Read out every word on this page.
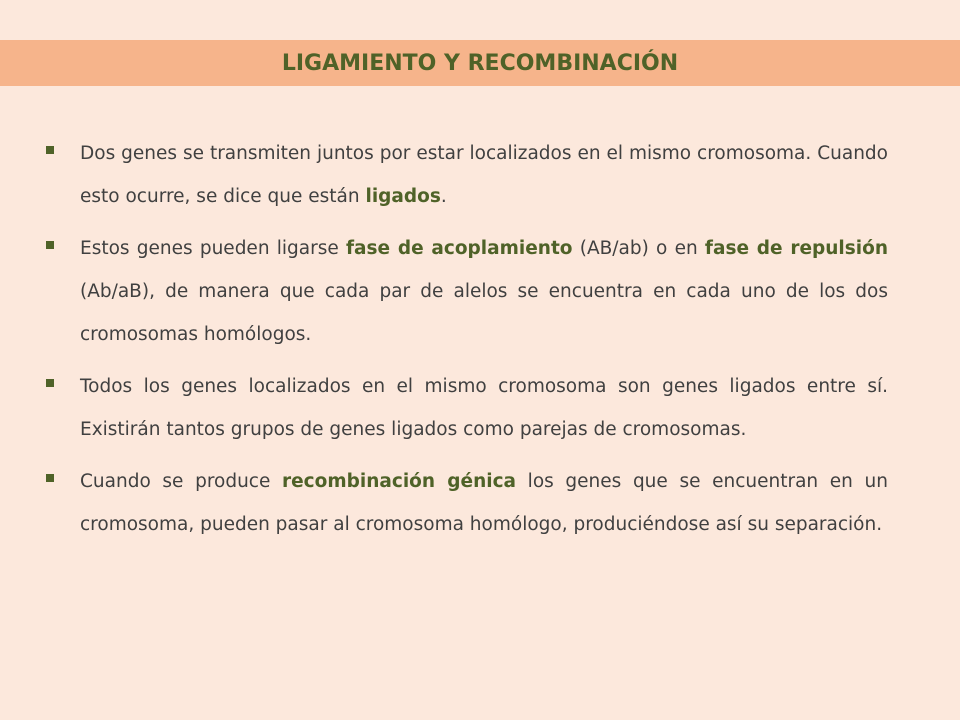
LIGAMIENTO Y RECOMBINACIÓN
Dos genes se transmiten juntos por estar localizados en el mismo cromosoma. Cuando esto ocurre, se dice que están ligados.
Estos genes pueden ligarse fase de acoplamiento (AB/ab) o en fase de repulsión (Ab/aB), de manera que cada par de alelos se encuentra en cada uno de los dos cromosomas homólogos.
Todos los genes localizados en el mismo cromosoma son genes ligados entre sí. Existirán tantos grupos de genes ligados como parejas de cromosomas.
Cuando se produce recombinación génica los genes que se encuentran en un cromosoma, pueden pasar al cromosoma homólogo, produciéndose así su separación.
